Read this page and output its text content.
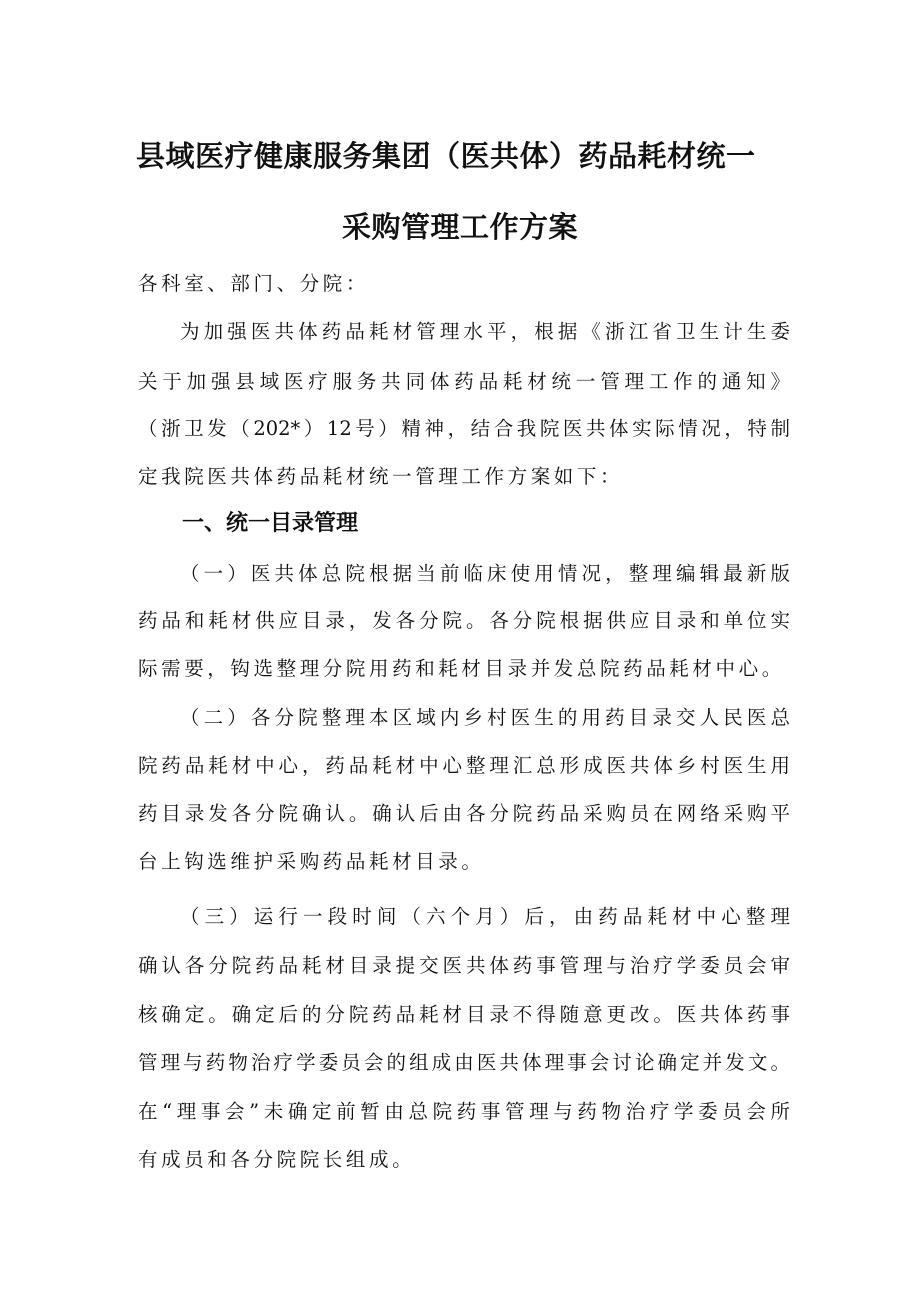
县域医疗健康服务集团（医共体）药品耗材统一
采购管理工作方案
各科室、部门、分院：
为加强医共体药品耗材管理水平，根据《浙江省卫生计生委
关于加强县域医疗服务共同体药品耗材统一管理工作的通知》
（浙卫发（202*）12号）精神，结合我院医共体实际情况，特制
定我院医共体药品耗材统一管理工作方案如下：
一、统一目录管理
（一）医共体总院根据当前临床使用情况，整理编辑最新版
药品和耗材供应目录，发各分院。各分院根据供应目录和单位实
际需要，钩选整理分院用药和耗材目录并发总院药品耗材中心。
（二）各分院整理本区域内乡村医生的用药目录交人民医总
院药品耗材中心，药品耗材中心整理汇总形成医共体乡村医生用
药目录发各分院确认。确认后由各分院药品采购员在网络采购平
台上钩选维护采购药品耗材目录。
（三）运行一段时间（六个月）后，由药品耗材中心整理
确认各分院药品耗材目录提交医共体药事管理与治疗学委员会审
核确定。确定后的分院药品耗材目录不得随意更改。医共体药事
管理与药物治疗学委员会的组成由医共体理事会讨论确定并发文。
在“理事会”未确定前暂由总院药事管理与药物治疗学委员会所
有成员和各分院院长组成。
